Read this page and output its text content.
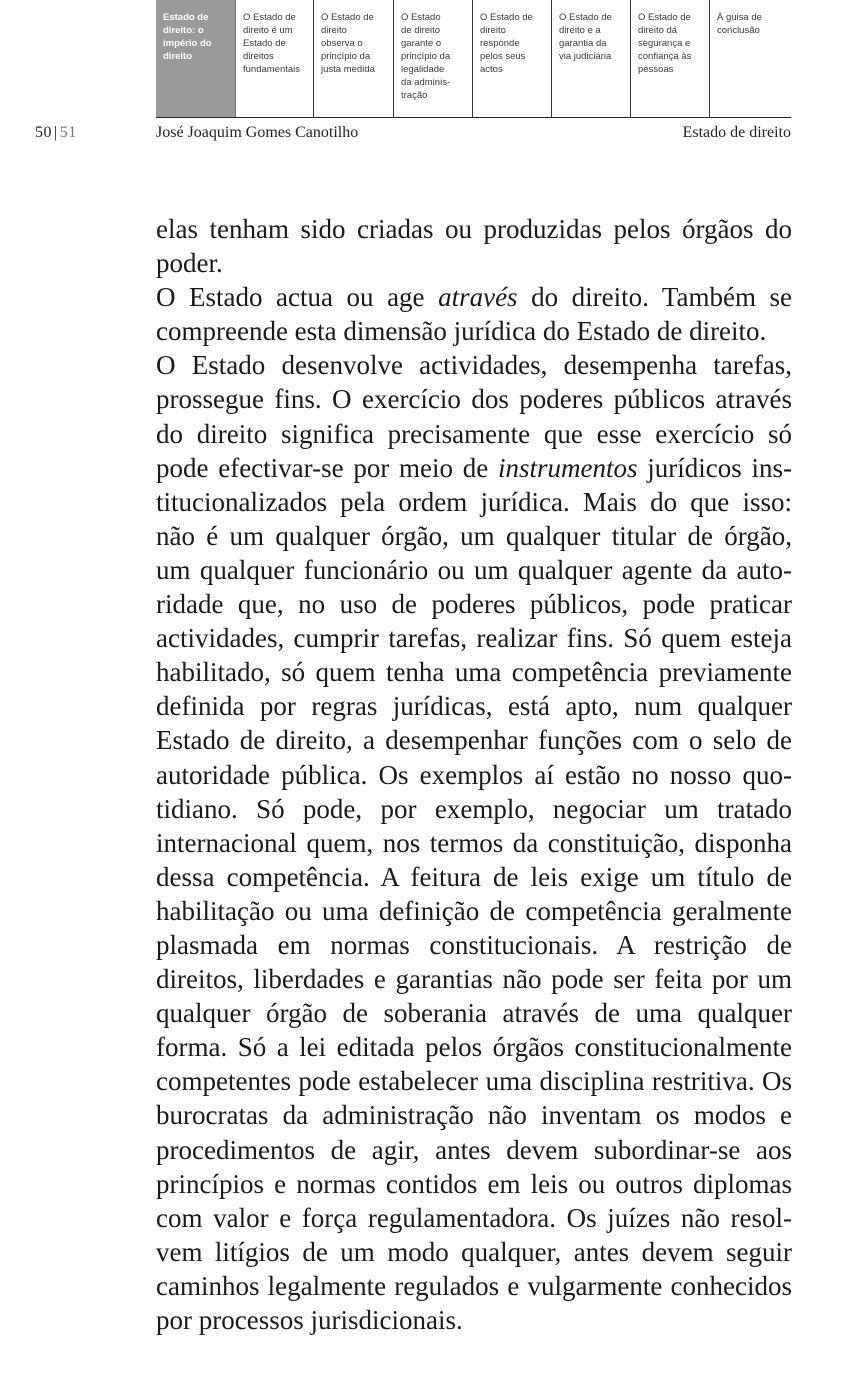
Estado de
direito: o
império do
direito
O Estado de
direito é um
Estado de
direitos
fundamentais
O Estado de
direito
observa o
princípio da
justa medida
O Estado
de direito
garante o
princípio da
legalidade
da adminis-
tração
O Estado de
direito
responde
pelos seus
actos
O Estado de
direito e a
garantia da
via judiciária
O Estado de
direito dá
segurança e
confiança às
pessoas
À guisa de
conclusão
50 | 51	José Joaquim Gomes Canotilho	Estado de direito

elas tenham sido criadas ou produzidas pelos órgãos do poder.

O Estado actua ou age através do direito. Também se compreende esta dimensão jurídica do Estado de direito.

O Estado desenvolve actividades, desempenha tarefas, prossegue fins. O exercício dos poderes públicos através do direito significa precisamente que esse exercício só pode efectivar-se por meio de instrumentos jurídicos institucionalizados pela ordem jurídica. Mais do que isso: não é um qualquer órgão, um qualquer titular de órgão, um qualquer funcionário ou um qualquer agente da autoridade que, no uso de poderes públicos, pode praticar actividades, cumprir tarefas, realizar fins. Só quem esteja habilitado, só quem tenha uma competência previamente definida por regras jurídicas, está apto, num qualquer Estado de direito, a desempenhar funções com o selo de autoridade pública. Os exemplos aí estão no nosso quotidiano. Só pode, por exemplo, negociar um tratado internacional quem, nos termos da constituição, disponha dessa competência. A feitura de leis exige um título de habilitação ou uma definição de competência geralmente plasmada em normas constitucionais. A restrição de direitos, liberdades e garantias não pode ser feita por um qualquer órgão de soberania através de uma qualquer forma. Só a lei editada pelos órgãos constitucionalmente competentes pode estabelecer uma disciplina restritiva. Os burocratas da administração não inventam os modos e procedimentos de agir, antes devem subordinar-se aos princípios e normas contidos em leis ou outros diplomas com valor e força regulamentadora. Os juízes não resolvem litígios de um modo qualquer, antes devem seguir caminhos legalmente regulados e vulgarmente conhecidos por processos jurisdicionais.
